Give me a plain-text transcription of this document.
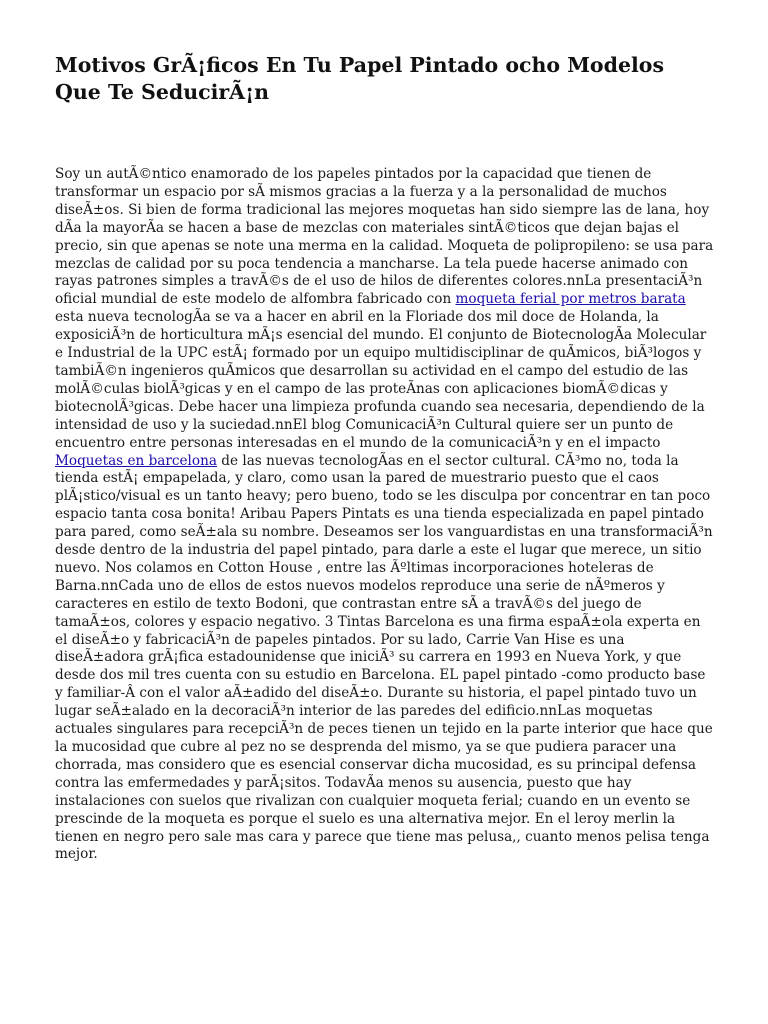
Motivos GrÃ¡ficos En Tu Papel Pintado ocho Modelos Que Te SeducirÃ¡n

Soy un autÃ©ntico enamorado de los papeles pintados por la capacidad que tienen de transformar un espacio por sÃ mismos gracias a la fuerza y a la personalidad de muchos diseÃ±os. Si bien de forma tradicional las mejores moquetas han sido siempre las de lana, hoy dÃa la mayorÃa se hacen a base de mezclas con materiales sintÃ©ticos que dejan bajas el precio, sin que apenas se note una merma en la calidad. Moqueta de polipropileno: se usa para mezclas de calidad por su poca tendencia a mancharse. La tela puede hacerse animado con rayas patrones simples a travÃ©s de el uso de hilos de diferentes colores.nnLa presentaciÃ³n oficial mundial de este modelo de alfombra fabricado con moqueta ferial por metros barata esta nueva tecnologÃa se va a hacer en abril en la Floriade dos mil doce de Holanda, la exposiciÃ³n de horticultura mÃ¡s esencial del mundo. El conjunto de BiotecnologÃa Molecular e Industrial de la UPC estÃ¡ formado por un equipo multidisciplinar de quÃmicos, biÃ³logos y tambiÃ©n ingenieros quÃmicos que desarrollan su actividad en el campo del estudio de las molÃ©culas biolÃ³gicas y en el campo de las proteÃnas con aplicaciones biomÃ©dicas y biotecnolÃ³gicas. Debe hacer una limpieza profunda cuando sea necesaria, dependiendo de la intensidad de uso y la suciedad.nnEl blog ComunicaciÃ³n Cultural quiere ser un punto de encuentro entre personas interesadas en el mundo de la comunicaciÃ³n y en el impacto Moquetas en barcelona de las nuevas tecnologÃas en el sector cultural. CÃ³mo no, toda la tienda estÃ¡ empapelada, y claro, como usan la pared de muestrario puesto que el caos plÃ¡stico/visual es un tanto heavy; pero bueno, todo se les disculpa por concentrar en tan poco espacio tanta cosa bonita! Aribau Papers Pintats es una tienda especializada en papel pintado para pared, como seÃ±ala su nombre. Deseamos ser los vanguardistas en una transformaciÃ³n desde dentro de la industria del papel pintado, para darle a este el lugar que merece, un sitio nuevo. Nos colamos en Cotton House , entre las Ãºltimas incorporaciones hoteleras de Barna.nnCada uno de ellos de estos nuevos modelos reproduce una serie de nÃºmeros y caracteres en estilo de texto Bodoni, que contrastan entre sÃ a travÃ©s del juego de tamaÃ±os, colores y espacio negativo. 3 Tintas Barcelona es una firma espaÃ±ola experta en el diseÃ±o y fabricaciÃ³n de papeles pintados. Por su lado, Carrie Van Hise es una diseÃ±adora grÃ¡fica estadounidense que iniciÃ³ su carrera en 1993 en Nueva York, y que desde dos mil tres cuenta con su estudio en Barcelona. EL papel pintado -como producto base y familiar-Â con el valor aÃ±adido del diseÃ±o. Durante su historia, el papel pintado tuvo un lugar seÃ±alado en la decoraciÃ³n interior de las paredes del edificio.nnLas moquetas actuales singulares para recepciÃ³n de peces tienen un tejido en la parte interior que hace que la mucosidad que cubre al pez no se desprenda del mismo, ya se que pudiera paracer una chorrada, mas considero que es esencial conservar dicha mucosidad, es su principal defensa contra las emfermedades y parÃ¡sitos. TodavÃa menos su ausencia, puesto que hay instalaciones con suelos que rivalizan con cualquier moqueta ferial; cuando en un evento se prescinde de la moqueta es porque el suelo es una alternativa mejor. En el leroy merlin la tienen en negro pero sale mas cara y parece que tiene mas pelusa,, cuanto menos pelisa tenga mejor.
